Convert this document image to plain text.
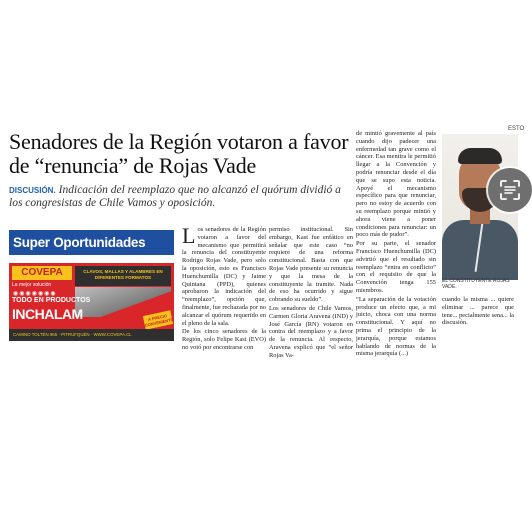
ESTO
Senadores de la Región votaron a favor de “renuncia” de Rojas Vade
DISCUSIÓN. Indicación del reemplazo que no alcanzó el quórum dividió a los congresistas de Chile Vamos y oposición.
Super Oportunidades
COVEPA
La mejor solución
◉◉◉◉◉◉◉
CLAVOS, MALLAS Y ALAMBRES EN DIFERENTES FORMATOS
TODO EN PRODUCTOS
INCHALAM	A PRECIO CONVENIENTE
CAMINO TOLTÉN 965 · PITRUFQUÉN · WWW.COVEPA.CL

Los senadores de la Región votaron a favor del mecanismo que permitirá la renuncia del constituyente Rodrigo Rojas Vade, pero solo la oposición, esto es Francisco Huenchumilla (DC) y Jaime Quintana (PPD), quienes aprobaron la indicación del “reemplazo”, opción que, finalmente, fue rechazada por no alcanzar el quórum requerido en el pleno de la sala.

De los cinco senadores de la Región, solo Felipe Kast (EVO) no votó por encontrarse con

permiso institucional. Sin embargo, Kast fue enfático en señalar que este caso “no requiere de una reforma constitucional. Basta con que Rojas Vade presente su renuncia y que la mesa de la constituyente la tramite. Nada de eso ha ocurrido y sigue cobrando su sueldo”.

Los senadores de Chile Vamos, Carmen Gloria Aravena (IND) y José García (RN) votaron en contra del reemplazo y a favor de la renuncia. Al respecto, Aravena explicó que “el señor Rojas Va-

de mintió gravemente al país cuando dijo padecer una enfermedad tan grave como el cáncer. Esa mentira le permitió llegar a la Convención y podría renunciar desde el día que se supo esta noticia. Apoyé el mecanismo específico para que renunciar, pero no estoy de acuerdo con su reemplazo porque mintió y ahora viene a poner condiciones para renunciar: un poco más de pudor”.

Por su parte, el senador Francisco Huenchumilla (DC) advirtió que el resultado sin reemplazo “entra en conflicto” con el requisito de que la Convención tenga 155 miembros.

“La separación de la votación produce un efecto que, a mi juicio, choca con una norma constitucional. Y aquí no prima el principio de la jerarquía, porque estamos hablando de normas de la misma jerarquía (...)

EL CONSTITUYENTE ROJAS VADE.

cuando la misma ... quiere eliminar ... parece que tene... pecialmente sena... la discusión.
